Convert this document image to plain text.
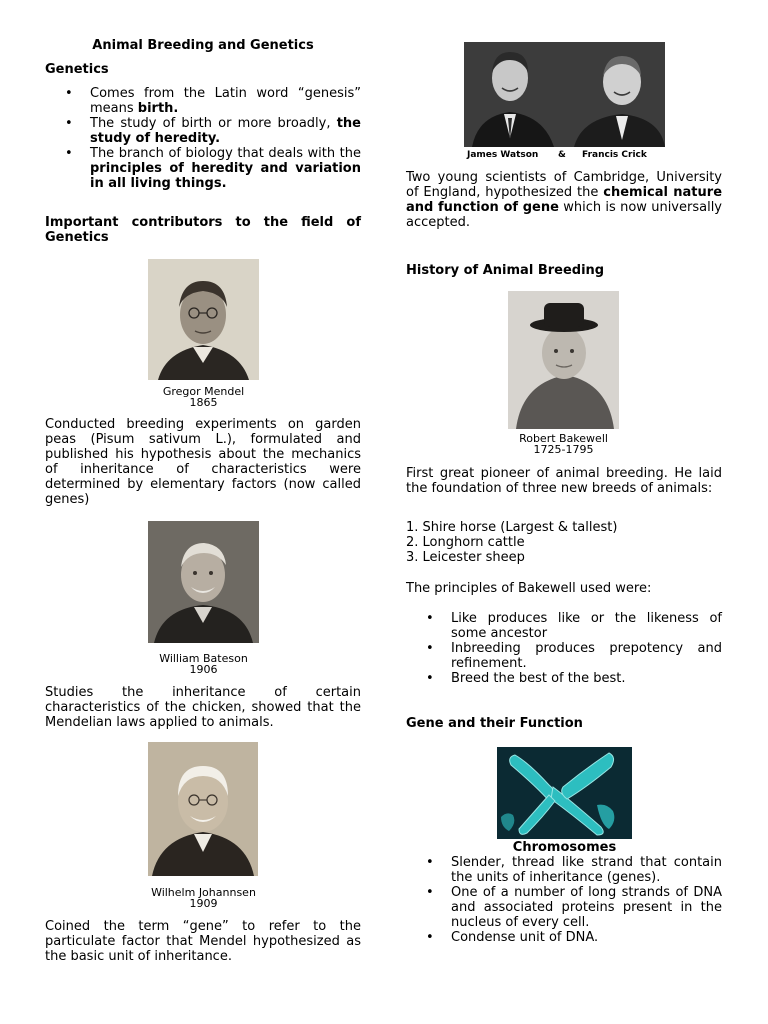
Animal Breeding and Genetics

Genetics
• Comes from the Latin word “genesis” means birth.
• The study of birth or more broadly, the study of heredity.
• The branch of biology that deals with the principles of heredity and variation in all living things.
Important contributors to the field of Genetics
Gregor Mendel
1865

Conducted breeding experiments on garden peas (Pisum sativum L.), formulated and published his hypothesis about the mechanics of inheritance of characteristics were determined by elementary factors (now called genes)

William Bateson
1906

Studies the inheritance of certain characteristics of the chicken, showed that the Mendelian laws applied to animals.

Wilhelm Johannsen
1909

Coined the term “gene” to refer to the particulate factor that Mendel hypothesized as the basic unit of inheritance.

James Watson & Francis Crick

Two young scientists of Cambridge, University of England, hypothesized the chemical nature and function of gene which is now universally accepted.

History of Animal Breeding
Robert Bakewell
1725-1795

First great pioneer of animal breeding. He laid the foundation of three new breeds of animals:

1. Shire horse (Largest & tallest)
2. Longhorn cattle
3. Leicester sheep

The principles of Bakewell used were:

• Like produces like or the likeness of some ancestor
• Inbreeding produces prepotency and refinement.
• Breed the best of the best.
Gene and their Function
Chromosomes
• Slender, thread like strand that contain the units of inheritance (genes).
• One of a number of long strands of DNA and associated proteins present in the nucleus of every cell.
• Condense unit of DNA.
